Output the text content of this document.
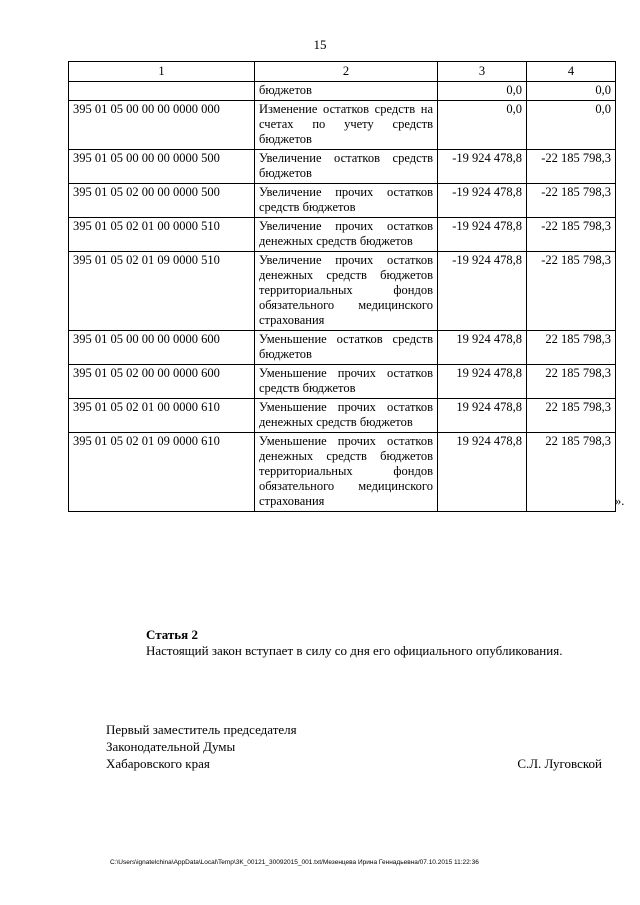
15
1	2	3	4
	бюджетов	0,0	0,0
395 01 05 00 00 00 0000 000	Изменение остатков средств на счетах по учету средств бюджетов	0,0	0,0
395 01 05 00 00 00 0000 500	Увеличение остатков средств бюджетов	-19 924 478,8	-22 185 798,3
395 01 05 02 00 00 0000 500	Увеличение прочих остатков средств бюджетов	-19 924 478,8	-22 185 798,3
395 01 05 02 01 00 0000 510	Увеличение прочих остатков денежных средств бюджетов	-19 924 478,8	-22 185 798,3
395 01 05 02 01 09 0000 510	Увеличение прочих остатков денежных средств бюджетов территориальных фондов обязательного медицинского страхования	-19 924 478,8	-22 185 798,3
395 01 05 00 00 00 0000 600	Уменьшение остатков средств бюджетов	19 924 478,8	22 185 798,3
395 01 05 02 00 00 0000 600	Уменьшение прочих остатков средств бюджетов	19 924 478,8	22 185 798,3
395 01 05 02 01 00 0000 610	Уменьшение прочих остатков денежных средств бюджетов	19 924 478,8	22 185 798,3
395 01 05 02 01 09 0000 610	Уменьшение прочих остатков денежных средств бюджетов территориальных фондов обязательного медицинского страхования	19 924 478,8	22 185 798,3
».
Статья 2
Настоящий закон вступает в силу со дня его официального опубликования.
Первый заместитель председателя
Законодательной Думы
Хабаровского края	С.Л. Луговской
C:\Users\ignatelchina\AppData\Local\Temp\3K_00121_30092015_001.txt/Мезенцева Ирина Геннадьевна/07.10.2015 11:22:36
